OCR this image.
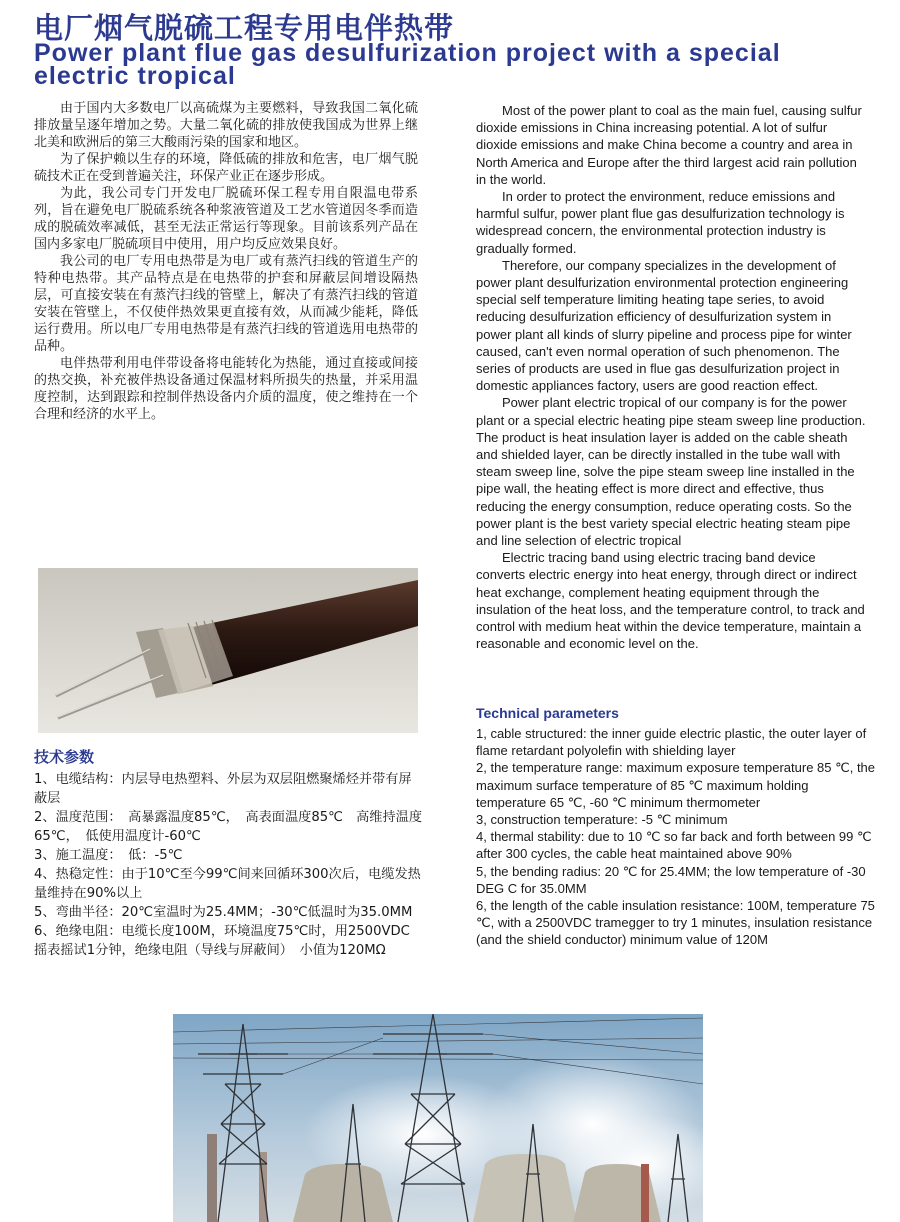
电厂烟气脱硫工程专用电伴热带
Power plant flue gas desulfurization project with a special electric tropical

由于国内大多数电厂以高硫煤为主要燃料，导致我国二氧化硫排放量呈逐年增加之势。大量二氧化硫的排放使我国成为世界上继北美和欧洲后的第三大酸雨污染的国家和地区。

为了保护赖以生存的环境，降低硫的排放和危害，电厂烟气脱硫技术正在受到普遍关注，环保产业正在逐步形成。

为此，我公司专门开发电厂脱硫环保工程专用自限温电带系列，旨在避免电厂脱硫系统各种浆液管道及工艺水管道因冬季而造成的脱硫效率减低，甚至无法正常运行等现象。目前该系列产品在国内多家电厂脱硫项目中使用，用户均反应效果良好。

我公司的电厂专用电热带是为电厂或有蒸汽扫线的管道生产的特种电热带。其产品特点是在电热带的护套和屏蔽层间增设隔热层，可直接安装在有蒸汽扫线的管壁上，解决了有蒸汽扫线的管道安装在管壁上，不仅使伴热效果更直接有效，从而减少能耗，降低运行费用。所以电厂专用电热带是有蒸汽扫线的管道选用电热带的品种。

电伴热带利用电伴带设备将电能转化为热能，通过直接或间接的热交换，补充被伴热设备通过保温材料所损失的热量，并采用温度控制，达到跟踪和控制伴热设备内介质的温度，使之维持在一个合理和经济的水平上。

Most of the power plant to coal as the main fuel, causing sulfur dioxide emissions in China increasing potential. A lot of sulfur dioxide emissions and make China become a country and area in North America and Europe after the third largest acid rain pollution in the world.

In order to protect the environment, reduce emissions and harmful sulfur, power plant flue gas desulfurization technology is widespread concern, the environmental protection industry is gradually formed.

Therefore, our company specializes in the development of power plant desulfurization environmental protection engineering special self temperature limiting heating tape series, to avoid reducing desulfurization efficiency of desulfurization system in power plant all kinds of slurry pipeline and process pipe for winter caused, can't even normal operation of such phenomenon. The series of products are used in flue gas desulfurization project in domestic appliances factory, users are good reaction effect.

Power plant electric tropical of our company is for the power plant or a special electric heating pipe steam sweep line production. The product is heat insulation layer is added on the cable sheath and shielded layer, can be directly installed in the tube wall with steam sweep line, solve the pipe steam sweep line installed in the pipe wall, the heating effect is more direct and effective, thus reducing the energy consumption, reduce operating costs. So the power plant is the best variety special electric heating steam pipe and line selection of electric tropical

Electric tracing band using electric tracing band device converts electric energy into heat energy, through direct or indirect heat exchange, complement heating equipment through the insulation of the heat loss, and the temperature control, to track and control with medium heat within the device temperature, maintain a reasonable and economic level on the.

技术参数
1、电缆结构：内层导电热塑料、外层为双层阻燃聚烯烃并带有屏蔽层
2、温度范围：　高暴露温度85℃，　高表面温度85℃　高维持温度65℃，　低使用温度计-60℃
3、施工温度：　低：-5℃
4、热稳定性：由于10℃至今99℃间来回循环300次后，电缆发热量维持在90%以上
5、弯曲半径：20℃室温时为25.4MM；-30℃低温时为35.0MM
6、绝缘电阻：电缆长度100M，环境温度75℃时，用2500VDC
摇表摇试1分钟，绝缘电阻（导线与屏蔽间）　小值为120MΩ
Technical parameters
1, cable structured: the inner guide electric plastic, the outer layer of flame retardant polyolefin with shielding layer
2, the temperature range: maximum exposure temperature 85 ℃, the maximum surface temperature of 85 ℃ maximum holding temperature 65 ℃, -60 ℃ minimum thermometer
3, construction temperature: -5 ℃ minimum
4, thermal stability: due to 10 ℃ so far back and forth between 99 ℃ after 300 cycles, the cable heat maintained above 90%
5, the bending radius: 20 ℃ for 25.4MM; the low temperature of -30 DEG C for 35.0MM
6, the length of the cable insulation resistance: 100M, temperature 75 ℃, with a 2500VDC tramegger to try 1 minutes, insulation resistance (and the shield conductor) minimum value of 120M
